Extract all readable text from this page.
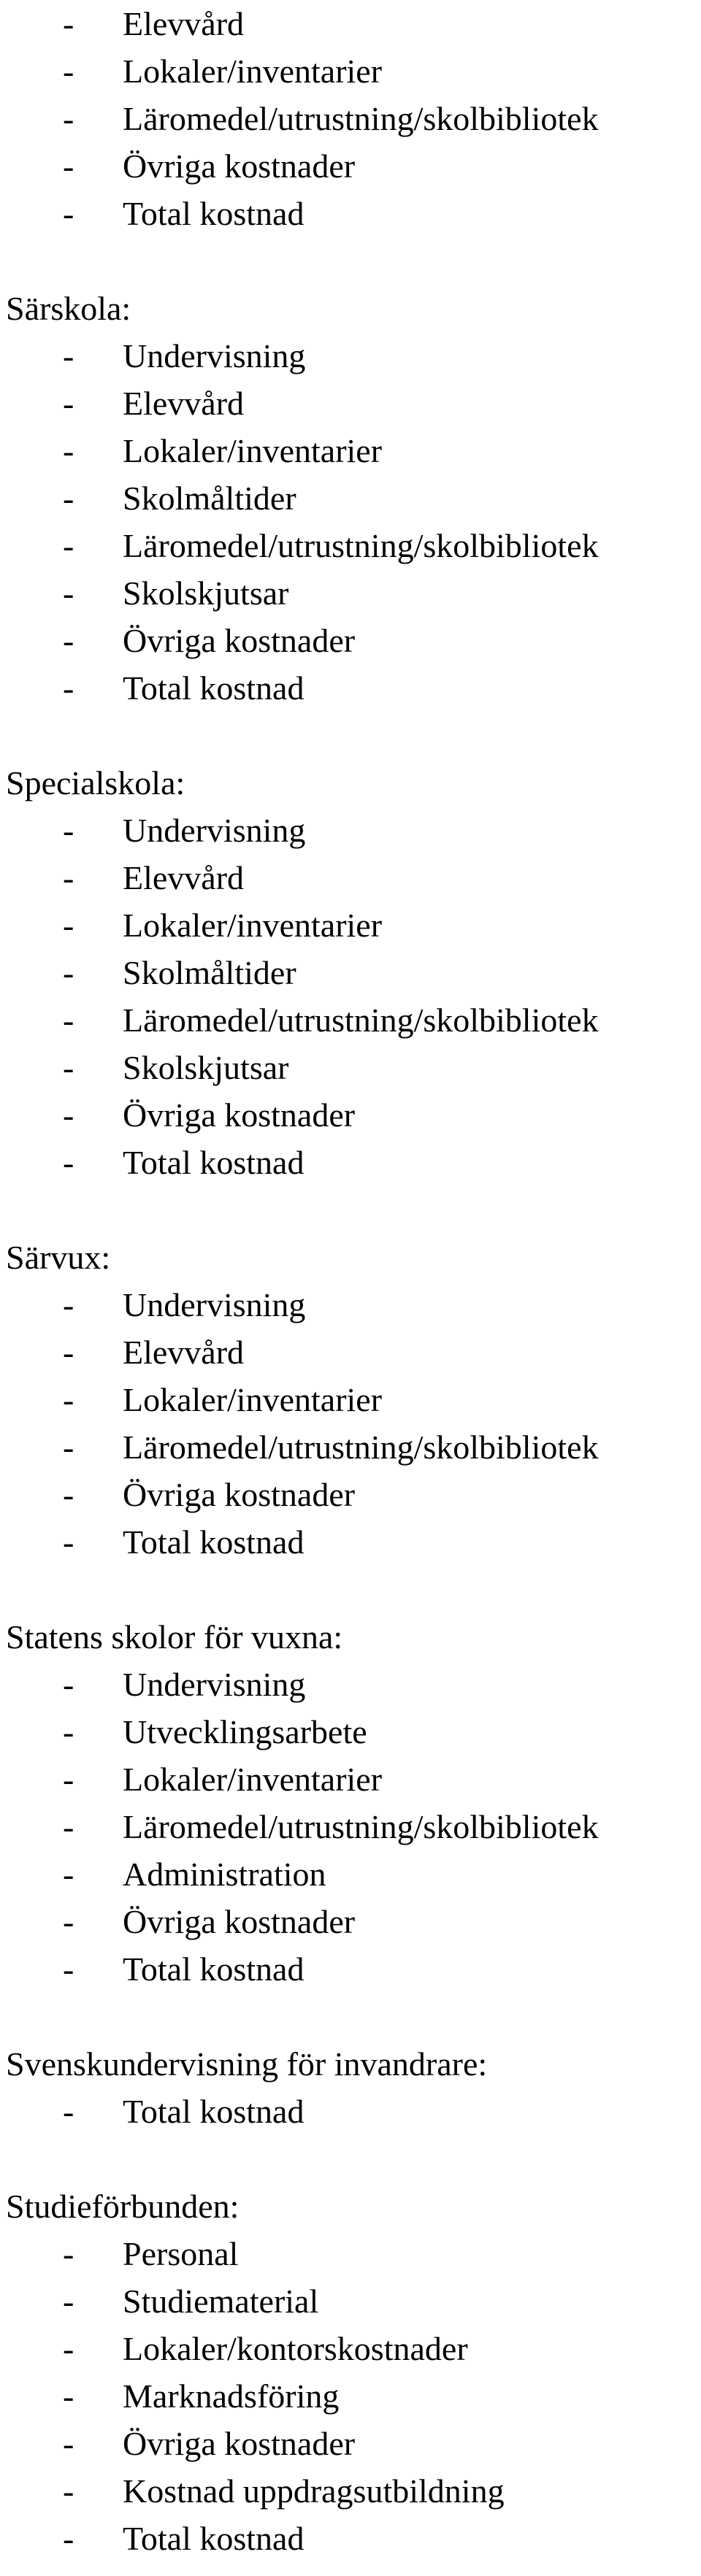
- Elevvård
- Lokaler/inventarier
- Läromedel/utrustning/skolbibliotek
- Övriga kostnader
- Total kostnad
Särskola:
- Undervisning
- Elevvård
- Lokaler/inventarier
- Skolmåltider
- Läromedel/utrustning/skolbibliotek
- Skolskjutsar
- Övriga kostnader
- Total kostnad
Specialskola:
- Undervisning
- Elevvård
- Lokaler/inventarier
- Skolmåltider
- Läromedel/utrustning/skolbibliotek
- Skolskjutsar
- Övriga kostnader
- Total kostnad
Särvux:
- Undervisning
- Elevvård
- Lokaler/inventarier
- Läromedel/utrustning/skolbibliotek
- Övriga kostnader
- Total kostnad
Statens skolor för vuxna:
- Undervisning
- Utvecklingsarbete
- Lokaler/inventarier
- Läromedel/utrustning/skolbibliotek
- Administration
- Övriga kostnader
- Total kostnad
Svenskundervisning för invandrare:
- Total kostnad
Studieförbunden:
- Personal
- Studiematerial
- Lokaler/kontorskostnader
- Marknadsföring
- Övriga kostnader
- Kostnad uppdragsutbildning
- Total kostnad
